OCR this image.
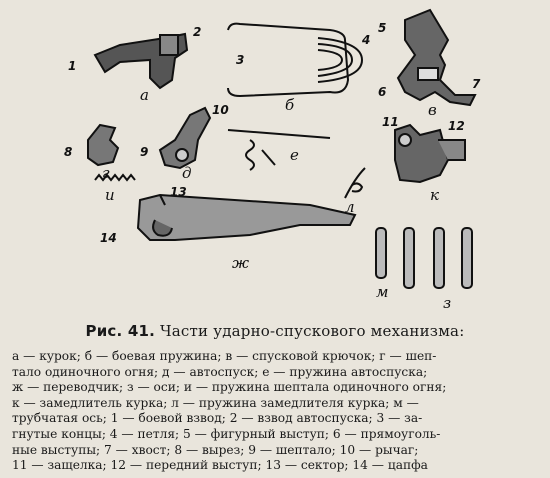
а
б	в
г	д
е
и
л
к
ж
м
з
1
2
3
4
5
6
7
8	9
10
11	12
13
14
Рис. 41. Части ударно-спускового механизма:
а — курок; б — боевая пружина; в — спусковой крючок; г — шеп-
тало одиночного огня; д — автоспуск; е — пружина автоспуска;
ж — переводчик; з — оси; и — пружина шептала одиночного огня;
к — замедлитель курка; л — пружина замедлителя курка; м —
трубчатая ось; 1 — боевой взвод; 2 — взвод автоспуска; 3 — за-
гнутые концы; 4 — петля; 5 — фигурный выступ; 6 — прямоуголь-
ные выступы; 7 — хвост; 8 — вырез; 9 — шептало; 10 — рычаг;
11 — защелка; 12 — передний выступ; 13 — сектор; 14 — цапфа
